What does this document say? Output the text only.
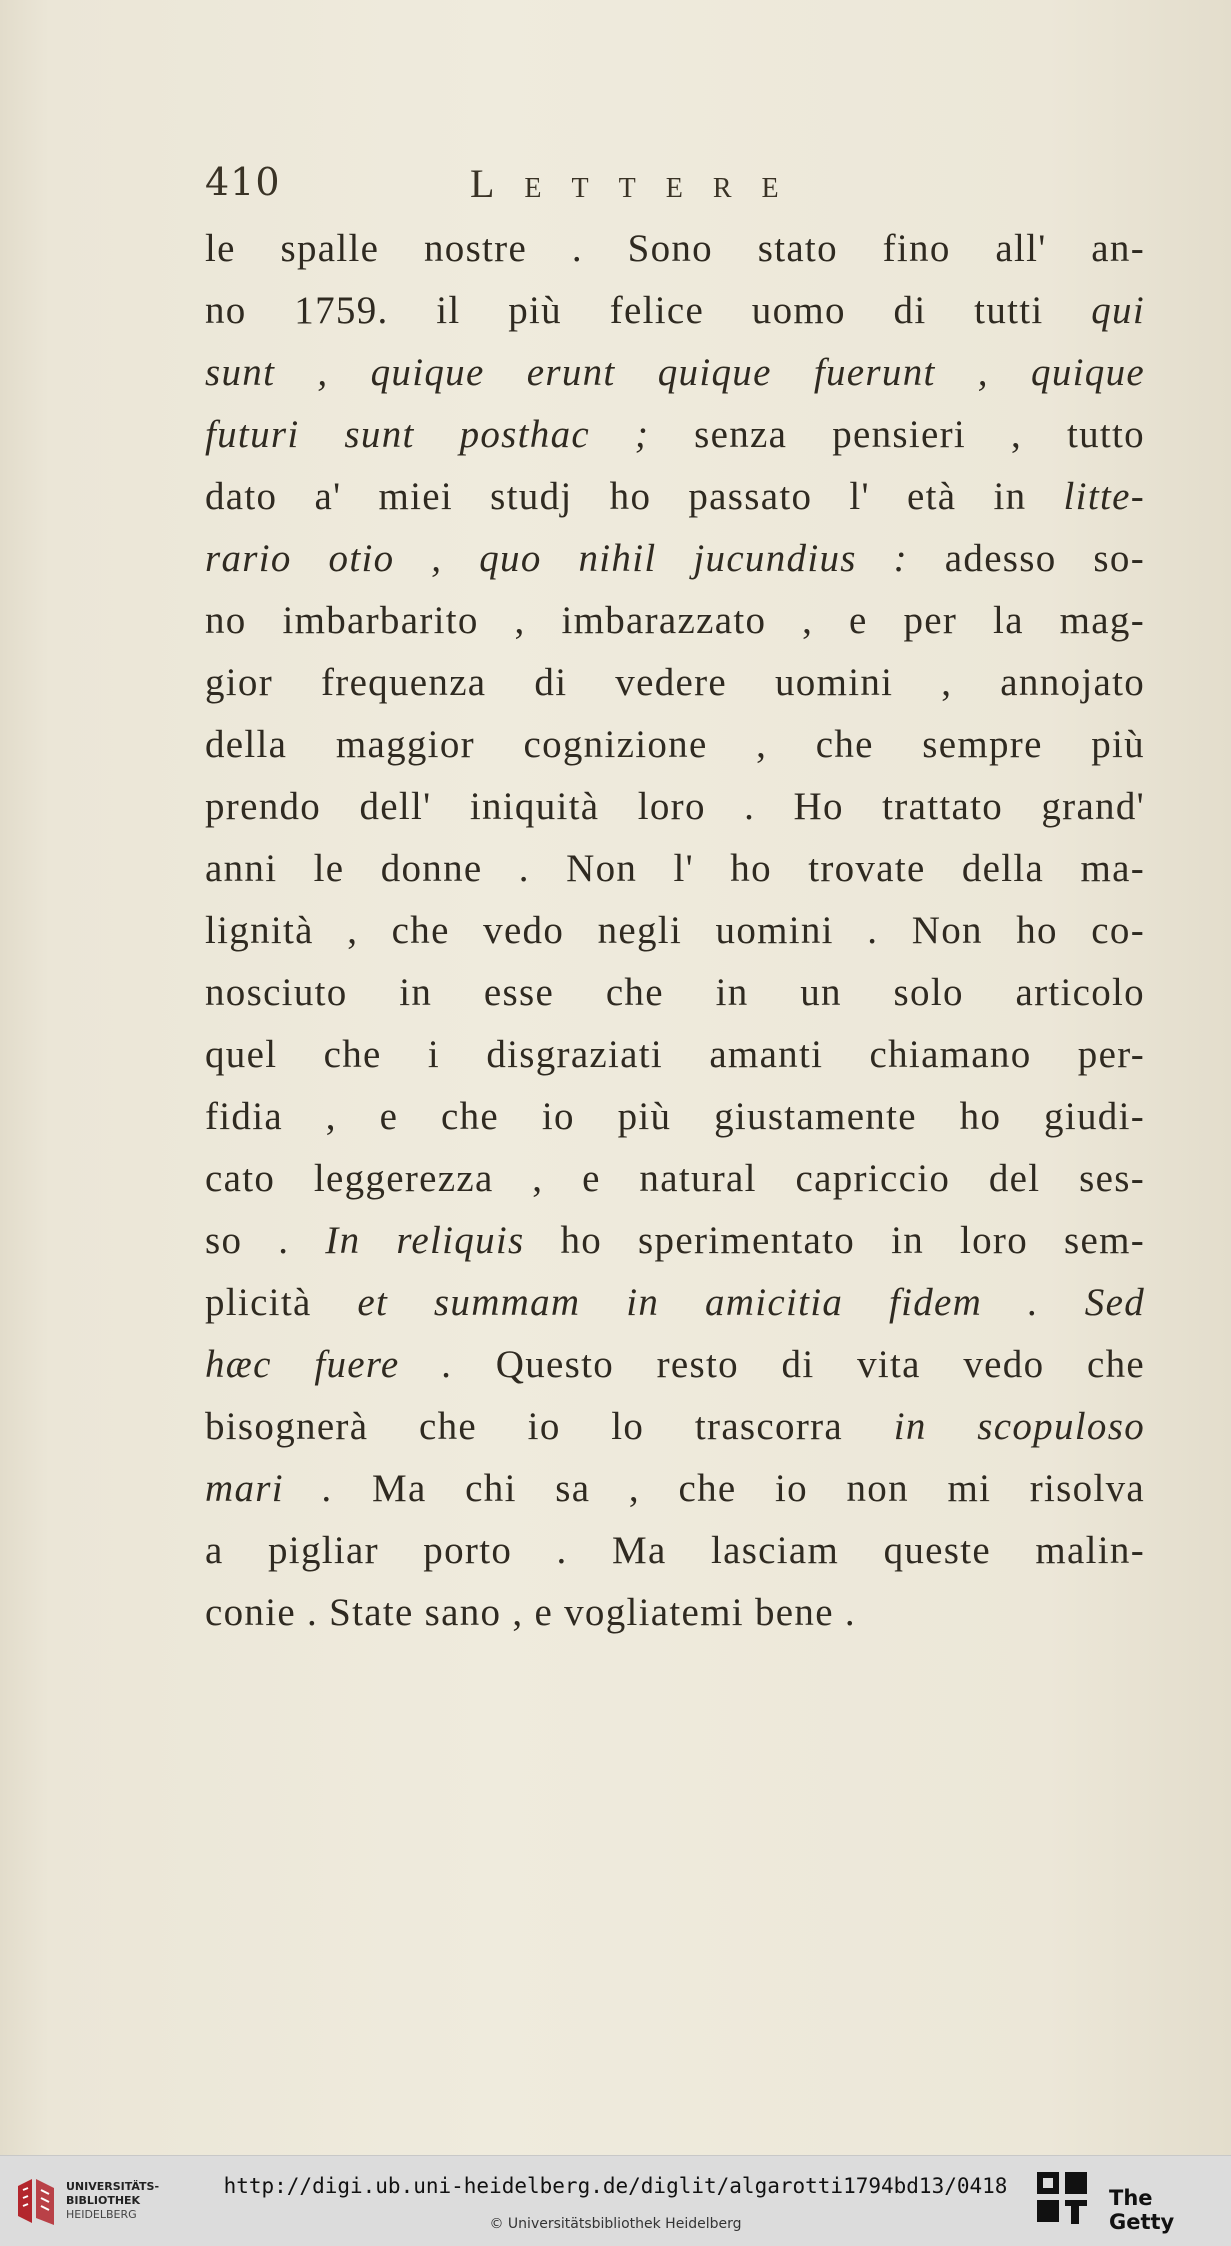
410	Lettere
le spalle nostre . Sono stato fino all' an-
no 1759. il più felice uomo di tutti qui
sunt , quique erunt quique fuerunt , quique
futuri sunt posthac ; senza pensieri , tutto
dato a' miei studj ho passato l' età in litte-
rario otio , quo nihil jucundius : adesso so-
no imbarbarito , imbarazzato , e per la mag-
gior frequenza di vedere uomini , annojato
della maggior cognizione , che sempre più
prendo dell' iniquità loro . Ho trattato grand'
anni le donne . Non l' ho trovate della ma-
lignità , che vedo negli uomini . Non ho co-
nosciuto in esse che in un solo articolo
quel che i disgraziati amanti chiamano per-
fidia , e che io più giustamente ho giudi-
cato leggerezza , e natural capriccio del ses-
so . In reliquis ho sperimentato in loro sem-
plicità et summam in amicitia fidem . Sed
hæc fuere . Questo resto di vita vedo che
bisognerà che io lo trascorra in scopuloso
mari . Ma chi sa , che io non mi risolva
a pigliar porto . Ma lasciam queste malin-
conie . State sano , e vogliatemi bene .
UNIVERSITÄTS-
BIBLIOTHEK
HEIDELBERG
http://digi.ub.uni-heidelberg.de/diglit/algarotti1794bd13/0418
© Universitätsbibliothek Heidelberg
The Getty
